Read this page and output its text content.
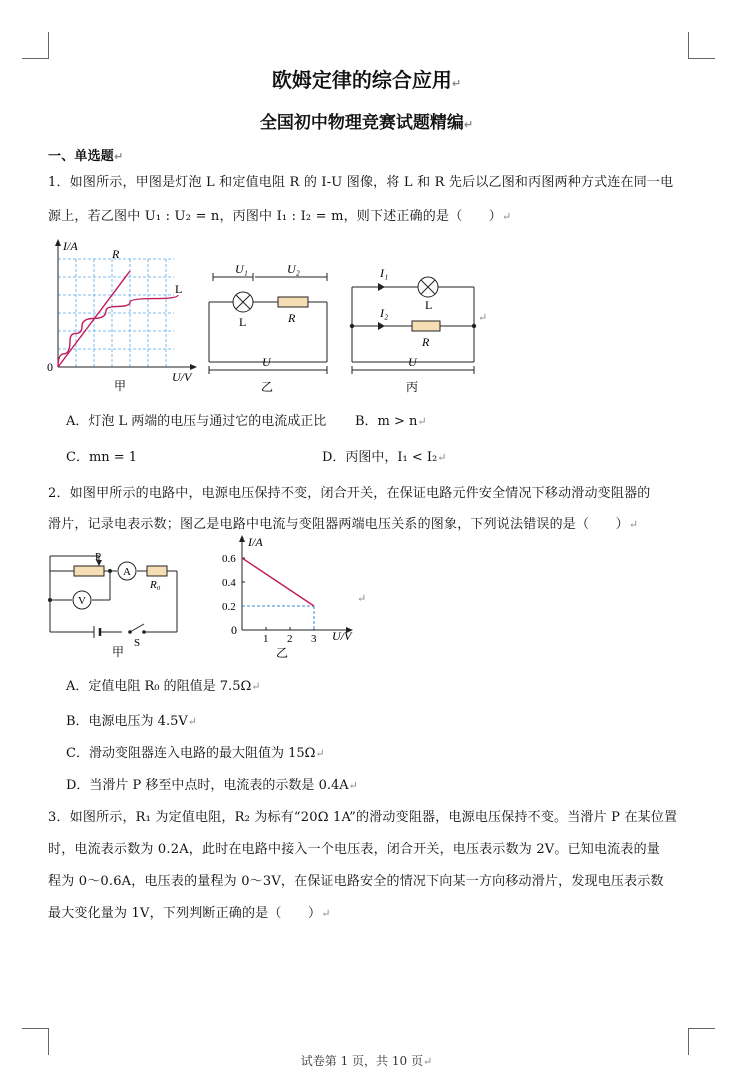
欧姆定律的综合应用↵
全国初中物理竞赛试题精编↵
一、单选题↵
1．如图所示，甲图是灯泡 L 和定值电阻 R 的 I-U 图像，将 L 和 R 先后以乙图和丙图两种方式连在同一电
源上，若乙图中 U₁ : U₂ = n，丙图中 I₁ : I₂ = m，则下述正确的是（　　）↵
I/A
R
L
0
U/V
甲
U₁	U₂
L	R
U
乙
I₁
I₂
L
R
U
丙
↵
A．灯泡 L 两端的电压与通过它的电流成正比 B．m > n↵
C．mn = 1	D．丙图中，I₁ < I₂↵
2．如图甲所示的电路中，电源电压保持不变，闭合开关，在保证电路元件安全情况下移动滑动变阻器的
滑片，记录电表示数；图乙是电路中电流与变阻器两端电压关系的图象，下列说法错误的是（　　）↵
A
V
P
R₀
S
甲
1 2 3
0.6
0.4
0.2
I/A
0	U/V
乙
↵
A．定值电阻 R₀ 的阻值是 7.5Ω↵
B．电源电压为 4.5V↵
C．滑动变阻器连入电路的最大阻值为 15Ω↵
D．当滑片 P 移至中点时，电流表的示数是 0.4A↵
3．如图所示，R₁ 为定值电阻，R₂ 为标有“20Ω 1A”的滑动变阻器，电源电压保持不变。当滑片 P 在某位置
时，电流表示数为 0.2A，此时在电路中接入一个电压表，闭合开关，电压表示数为 2V。已知电流表的量
程为 0～0.6A，电压表的量程为 0～3V，在保证电路安全的情况下向某一方向移动滑片，发现电压表示数
最大变化量为 1V，下列判断正确的是（　　）↵
试卷第 1 页，共 10 页↵
